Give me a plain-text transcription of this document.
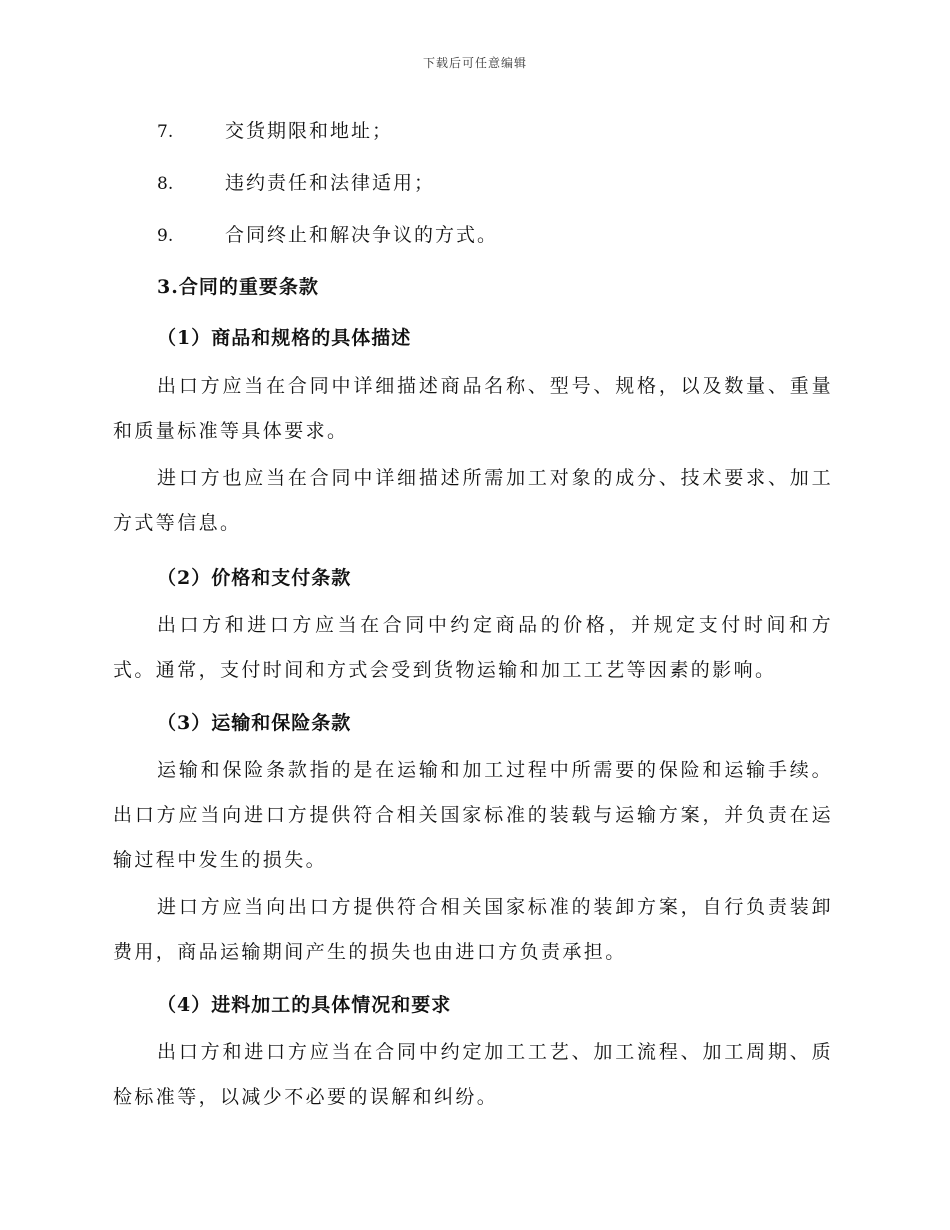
下载后可任意编辑
7.	交货期限和地址；
8.	违约责任和法律适用；
9.	合同终止和解决争议的方式。
3.合同的重要条款
（1）商品和规格的具体描述
出口方应当在合同中详细描述商品名称、型号、规格，以及数量、重量和质量标准等具体要求。
进口方也应当在合同中详细描述所需加工对象的成分、技术要求、加工方式等信息。
（2）价格和支付条款
出口方和进口方应当在合同中约定商品的价格，并规定支付时间和方式。通常，支付时间和方式会受到货物运输和加工工艺等因素的影响。
（3）运输和保险条款
运输和保险条款指的是在运输和加工过程中所需要的保险和运输手续。出口方应当向进口方提供符合相关国家标准的装载与运输方案，并负责在运输过程中发生的损失。
进口方应当向出口方提供符合相关国家标准的装卸方案，自行负责装卸费用，商品运输期间产生的损失也由进口方负责承担。
（4）进料加工的具体情况和要求
出口方和进口方应当在合同中约定加工工艺、加工流程、加工周期、质检标准等，以减少不必要的误解和纠纷。
